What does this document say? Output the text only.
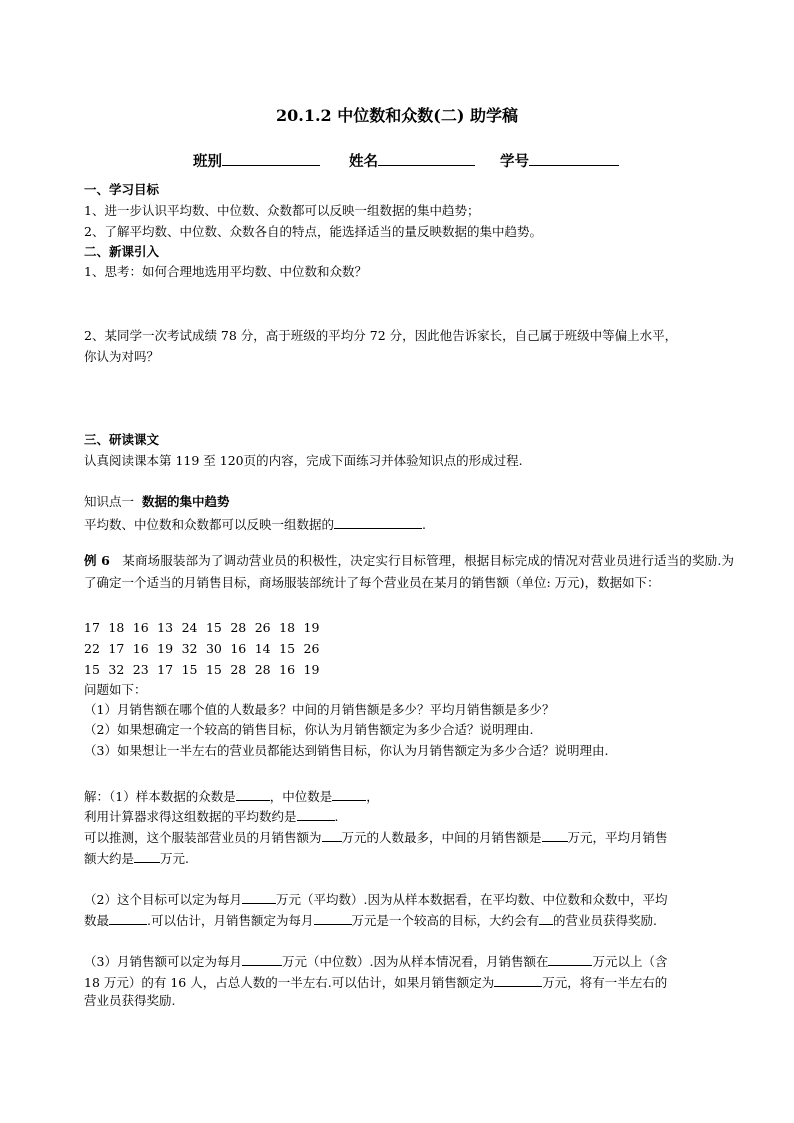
20.1.2 中位数和众数(二) 助学稿
班别	姓名	学号
一、学习目标
1、进一步认识平均数、中位数、众数都可以反映一组数据的集中趋势；
2、了解平均数、中位数、众数各自的特点，能选择适当的量反映数据的集中趋势。
二、新课引入
1、思考：如何合理地选用平均数、中位数和众数？
2、某同学一次考试成绩 78 分，高于班级的平均分 72 分，因此他告诉家长，自己属于班级中等偏上水平，
你认为对吗？
三、研读课文
认真阅读课本第 119 至 120页的内容，完成下面练习并体验知识点的形成过程.
知识点一 数据的集中趋势
平均数、中位数和众数都可以反映一组数据的	.
例 6 某商场服装部为了调动营业员的积极性，决定实行目标管理，根据目标完成的情况对营业员进行适当的奖励.为了确定一个适当的月销售目标，商场服装部统计了每个营业员在某月的销售额（单位: 万元)，数据如下：
17 18 16 13 24 15 28 26 18 19
22 17 16 19 32 30 16 14 15 26
15 32 23 17 15 15 28 28 16 19
问题如下：
（1）月销售额在哪个值的人数最多？中间的月销售额是多少？平均月销售额是多少？
（2）如果想确定一个较高的销售目标，你认为月销售额定为多少合适？说明理由.
（3）如果想让一半左右的营业员都能达到销售目标，你认为月销售额定为多少合适？说明理由.
解：（1）样本数据的众数是	，中位数是	，
利用计算器求得这组数据的平均数约是	.
可以推测，这个服装部营业员的月销售额为 万元的人数最多，中间的月销售额是 万元，平均月销售
额大约是 万元.
（2）这个目标可以定为每月	万元（平均数）.因为从样本数据看，在平均数、中位数和众数中，平均
数最	.可以估计，月销售额定为每月	万元是一个较高的目标，大约会有 的营业员获得奖励.
（3）月销售额可以定为每月	万元（中位数）.因为从样本情况看，月销售额在	万元以上（含
18 万元）的有 16 人，占总人数的一半左右.可以估计，如果月销售额定为	万元，将有一半左右的
营业员获得奖励.
